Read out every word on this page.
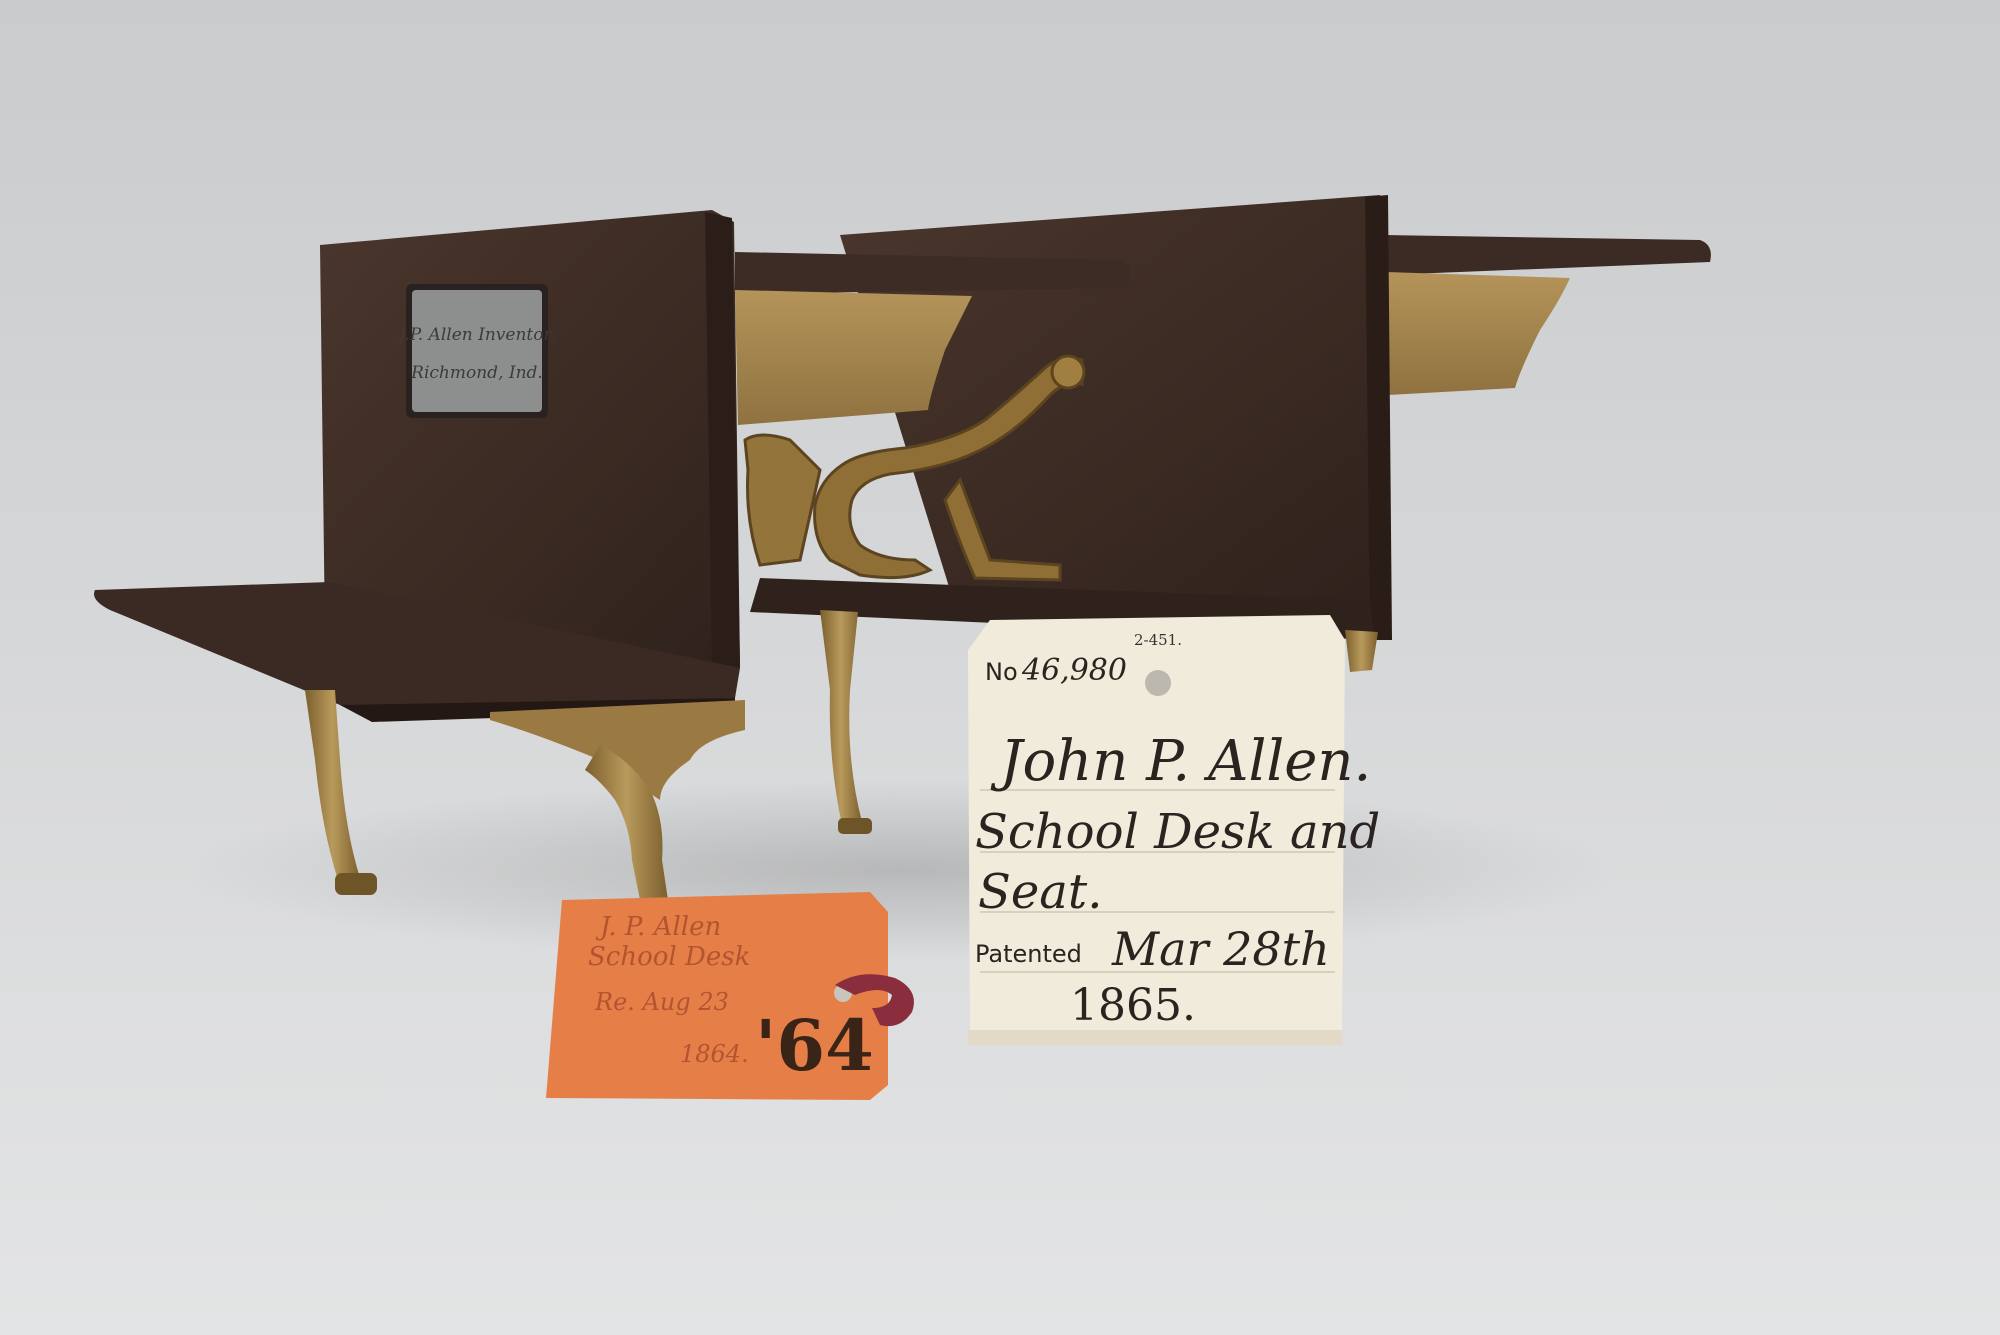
J.P. Allen Inventor.
Richmond, Ind.
J. P. Allen
School Desk
Re. Aug 23
1864. '64
2-451.
No 46,980
John P. Allen.
School Desk and
Seat.
Patented Mar 28th
1865.
